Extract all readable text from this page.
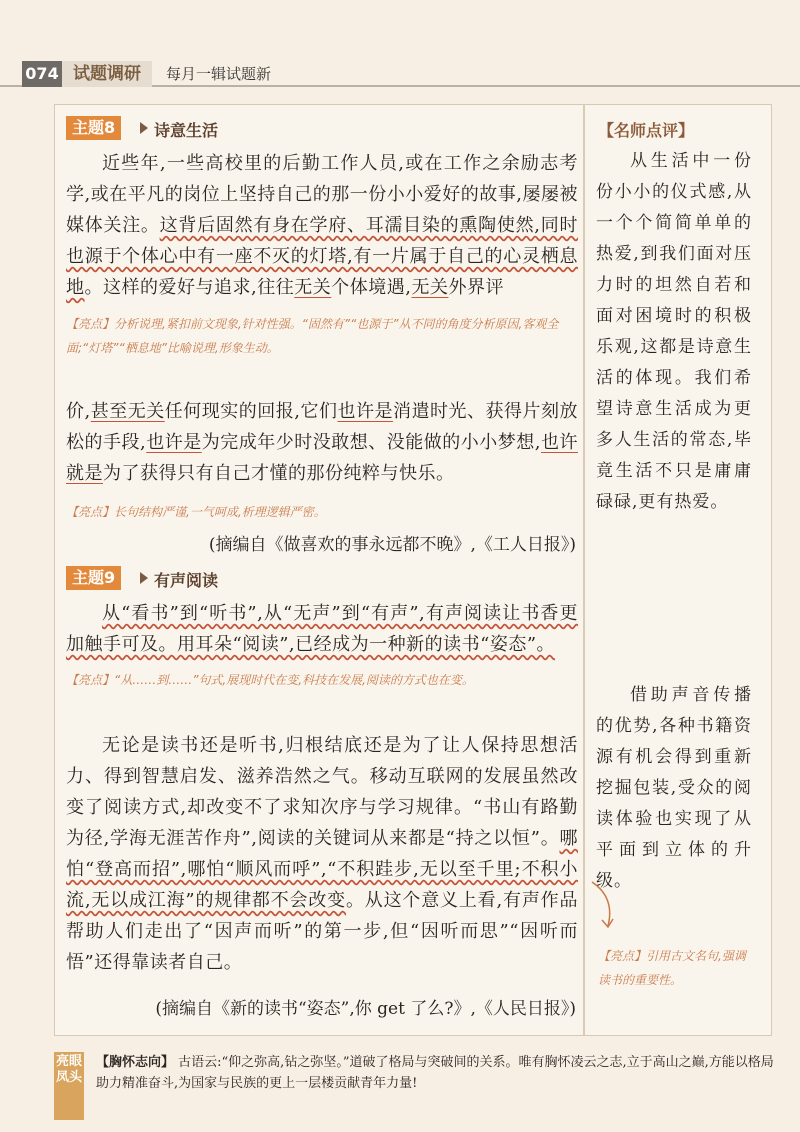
074 试题调研	每月一辑试题新
主题8	诗意生活
近些年,一些高校里的后勤工作人员,或在工作之余励志考学,或在平凡的岗位上坚持自己的那一份小小爱好的故事,屡屡被媒体关注。这背后固然有身在学府、耳濡目染的熏陶使然,同时也源于个体心中有一座不灭的灯塔,有一片属于自己的心灵栖息地。这样的爱好与追求,往往无关个体境遇,无关外界评
【亮点】分析说理,紧扣前文现象,针对性强。“固然有”“也源于”从不同的角度分析原因,客观全面;“灯塔”“栖息地”比喻说理,形象生动。
价,甚至无关任何现实的回报,它们也许是消遣时光、获得片刻放松的手段,也许是为完成年少时没敢想、没能做的小小梦想,也许就是为了获得只有自己才懂的那份纯粹与快乐。
【亮点】长句结构严谨,一气呵成,析理逻辑严密。
(摘编自《做喜欢的事永远都不晚》,《工人日报》)
主题9	有声阅读
从“看书”到“听书”,从“无声”到“有声”,有声阅读让书香更加触手可及。用耳朵“阅读”,已经成为一种新的读书“姿态”。
【亮点】“从……到……”句式,展现时代在变,科技在发展,阅读的方式也在变。
无论是读书还是听书,归根结底还是为了让人保持思想活力、得到智慧启发、滋养浩然之气。移动互联网的发展虽然改变了阅读方式,却改变不了求知次序与学习规律。“书山有路勤为径,学海无涯苦作舟”,阅读的关键词从来都是“持之以恒”。哪怕“登高而招”,哪怕“顺风而呼”,“不积跬步,无以至千里;不积小流,无以成江海”的规律都不会改变。从这个意义上看,有声作品帮助人们走出了“因声而听”的第一步,但“因听而思”“因听而悟”还得靠读者自己。
(摘编自《新的读书“姿态”,你 get 了么?》,《人民日报》)
【名师点评】
从生活中一份份小小的仪式感,从一个个简简单单的热爱,到我们面对压力时的坦然自若和面对困境时的积极乐观,这都是诗意生活的体现。我们希望诗意生活成为更多人生活的常态,毕竟生活不只是庸庸碌碌,更有热爱。
借助声音传播的优势,各种书籍资源有机会得到重新挖掘包装,受众的阅读体验也实现了从平面到立体的升级。
【亮点】引用古文名句,强调读书的重要性。
亮眼凤头
【胸怀志向】 古语云:“仰之弥高,钻之弥坚。”道破了格局与突破间的关系。唯有胸怀凌云之志,立于高山之巅,方能以格局助力精准奋斗,为国家与民族的更上一层楼贡献青年力量!
